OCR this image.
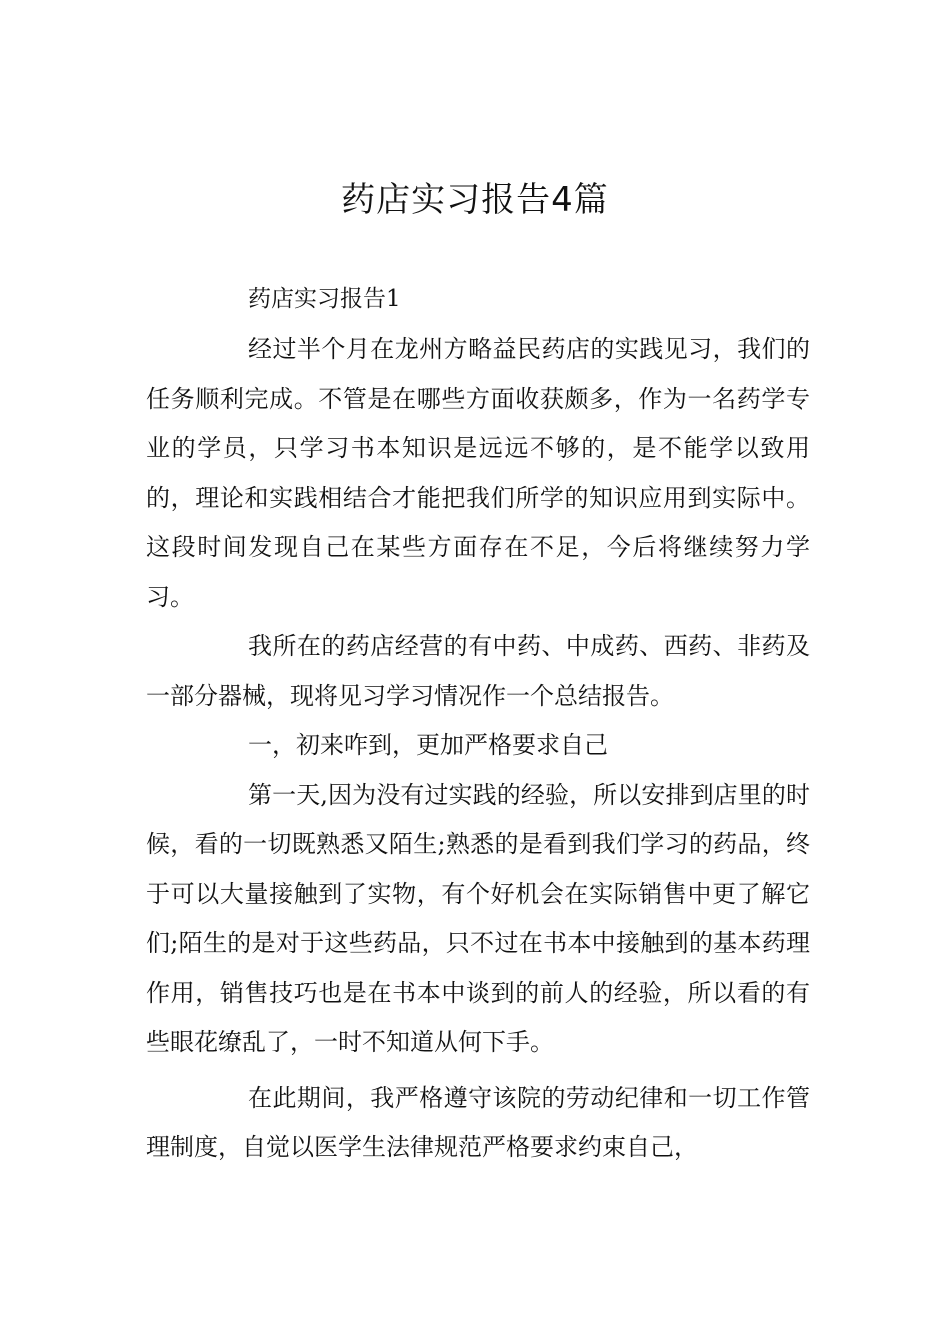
药店实习报告4篇

药店实习报告1

经过半个月在龙州方略益民药店的实践见习，我们的任务顺利完成。不管是在哪些方面收获颇多，作为一名药学专业的学员，只学习书本知识是远远不够的，是不能学以致用的，理论和实践相结合才能把我们所学的知识应用到实际中。这段时间发现自己在某些方面存在不足，今后将继续努力学习。

我所在的药店经营的有中药、中成药、西药、非药及一部分器械，现将见习学习情况作一个总结报告。

一，初来咋到，更加严格要求自己

第一天,因为没有过实践的经验，所以安排到店里的时候，看的一切既熟悉又陌生;熟悉的是看到我们学习的药品，终于可以大量接触到了实物，有个好机会在实际销售中更了解它们;陌生的是对于这些药品，只不过在书本中接触到的基本药理作用，销售技巧也是在书本中谈到的前人的经验，所以看的有些眼花缭乱了，一时不知道从何下手。

在此期间，我严格遵守该院的劳动纪律和一切工作管理制度，自觉以医学生法律规范严格要求约束自己，
